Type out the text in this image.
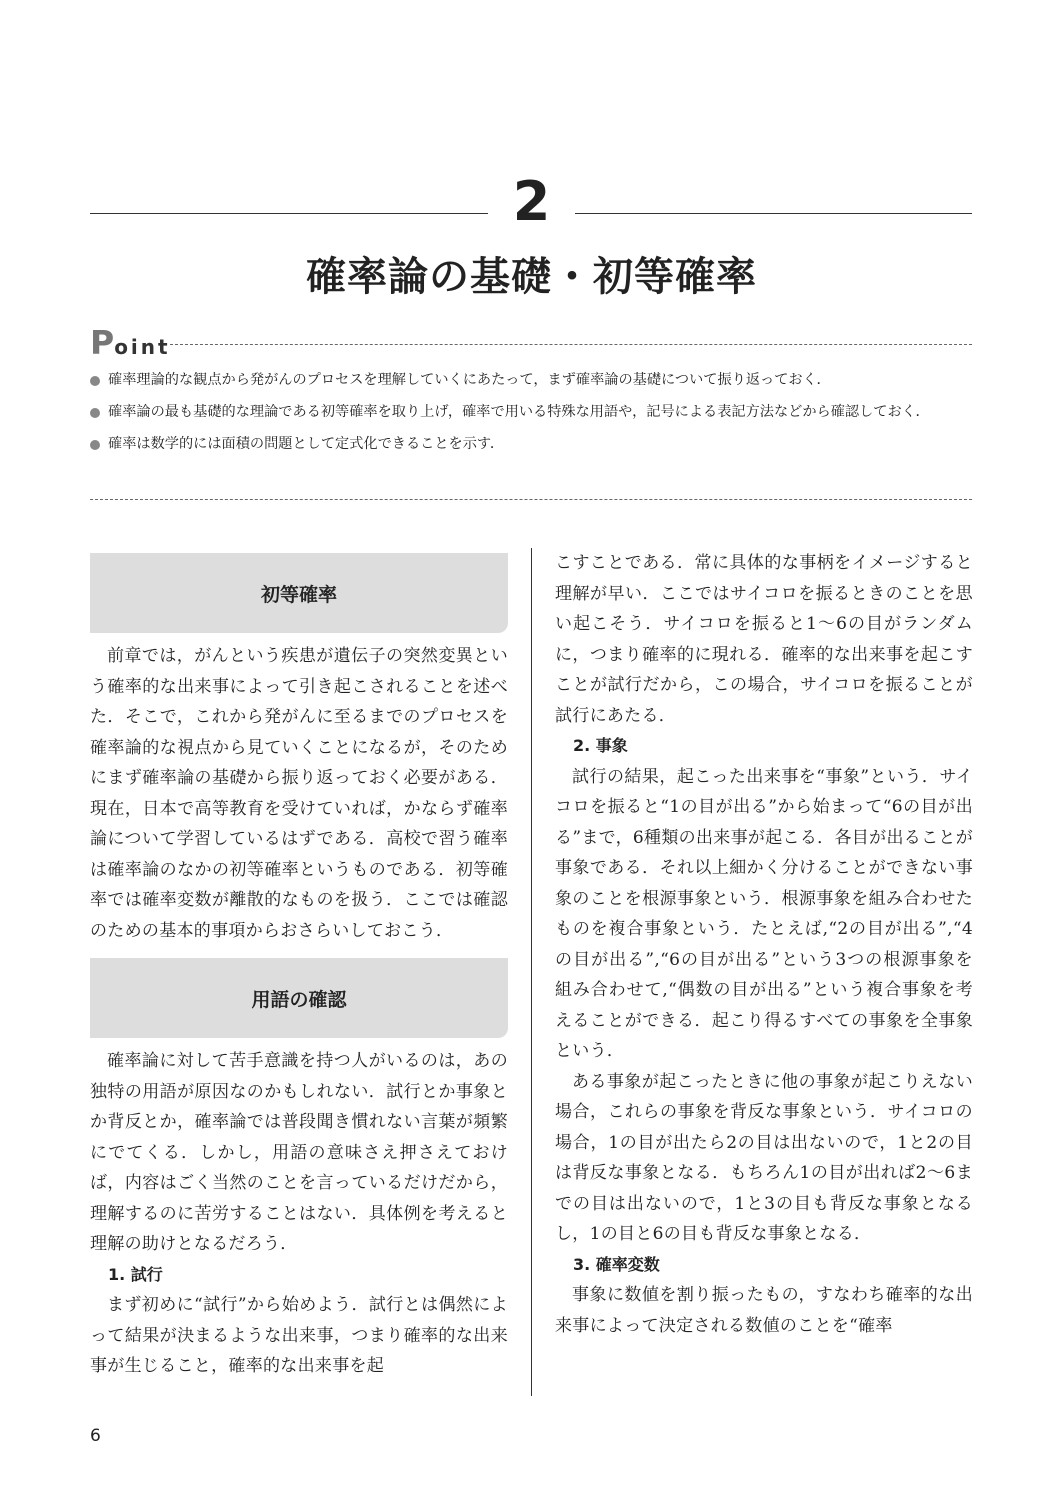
2
確率論の基礎・初等確率
Point
確率理論的な観点から発がんのプロセスを理解していくにあたって，まず確率論の基礎について振り返っておく．
確率論の最も基礎的な理論である初等確率を取り上げ，確率で用いる特殊な用語や，記号による表記方法などから確認しておく．
確率は数学的には面積の問題として定式化できることを示す．
初等確率

前章では，がんという疾患が遺伝子の突然変異という確率的な出来事によって引き起こされることを述べた．そこで，これから発がんに至るまでのプロセスを確率論的な視点から見ていくことになるが，そのためにまず確率論の基礎から振り返っておく必要がある．現在，日本で高等教育を受けていれば，かならず確率論について学習しているはずである．高校で習う確率は確率論のなかの初等確率というものである．初等確率では確率変数が離散的なものを扱う．ここでは確認のための基本的事項からおさらいしておこう．

用語の確認

確率論に対して苦手意識を持つ人がいるのは，あの独特の用語が原因なのかもしれない．試行とか事象とか背反とか，確率論では普段聞き慣れない言葉が頻繁にでてくる．しかし，用語の意味さえ押さえておけば，内容はごく当然のことを言っているだけだから，理解するのに苦労することはない．具体例を考えると理解の助けとなるだろう．

1. 試行

まず初めに“試行”から始めよう．試行とは偶然によって結果が決まるような出来事，つまり確率的な出来事が生じること，確率的な出来事を起

こすことである．常に具体的な事柄をイメージすると理解が早い．ここではサイコロを振るときのことを思い起こそう．サイコロを振ると1〜6の目がランダムに，つまり確率的に現れる．確率的な出来事を起こすことが試行だから，この場合，サイコロを振ることが試行にあたる．

2. 事象

試行の結果，起こった出来事を“事象”という．サイコロを振ると“1の目が出る”から始まって“6の目が出る”まで，6種類の出来事が起こる．各目が出ることが事象である．それ以上細かく分けることができない事象のことを根源事象という．根源事象を組み合わせたものを複合事象という．たとえば,“2の目が出る”,“4の目が出る”,“6の目が出る”という3つの根源事象を組み合わせて,“偶数の目が出る”という複合事象を考えることができる．起こり得るすべての事象を全事象という．

ある事象が起こったときに他の事象が起こりえない場合，これらの事象を背反な事象という．サイコロの場合，1の目が出たら2の目は出ないので，1と2の目は背反な事象となる．もちろん1の目が出れば2〜6までの目は出ないので，1と3の目も背反な事象となるし，1の目と6の目も背反な事象となる．

3. 確率変数

事象に数値を割り振ったもの，すなわち確率的な出来事によって決定される数値のことを“確率

6
